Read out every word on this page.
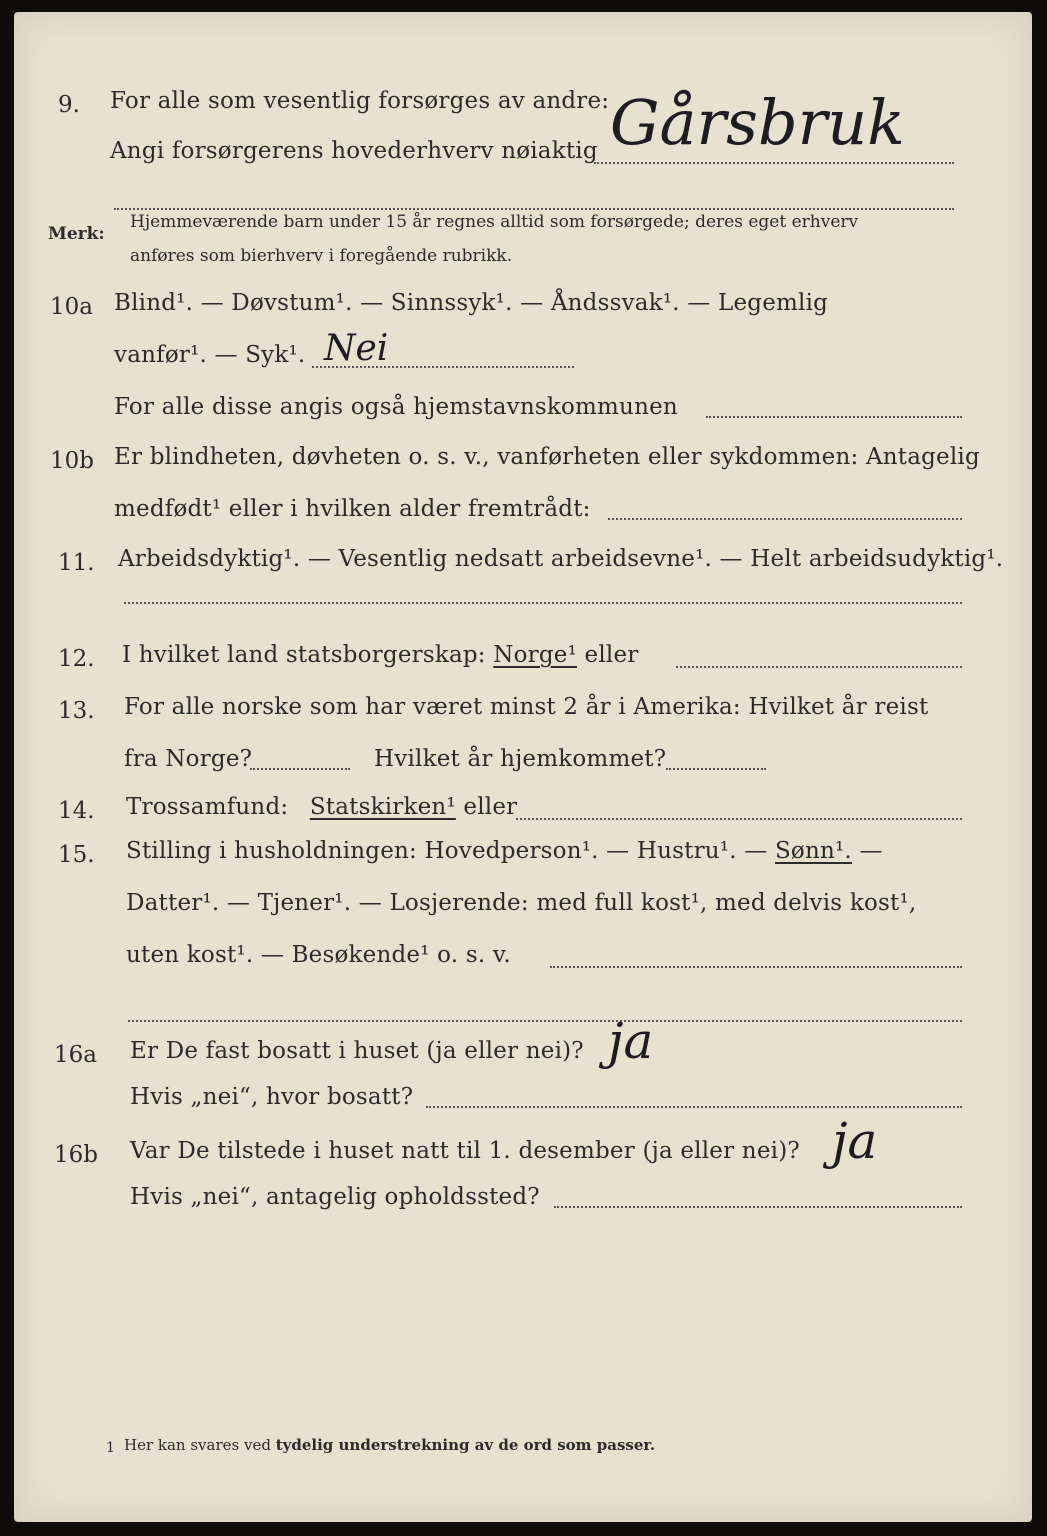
9. For alle som vesentlig forsørges av andre:
Angi forsørgerens hovederhverv nøiaktig Gårsbruk
Merk:
Hjemmeværende barn under 15 år regnes alltid som forsørgede; deres eget erhverv
anføres som bierhverv i foregående rubrikk.
10a Blind¹. — Døvstum¹. — Sinnssyk¹. — Åndssvak¹. — Legemlig
vanfør¹. — Syk¹. Nei
For alle disse angis også hjemstavnskommunen
10b Er blindheten, døvheten o. s. v., vanførheten eller sykdommen: Antagelig
medfødt¹ eller i hvilken alder fremtrådt:
11. Arbeidsdyktig¹. — Vesentlig nedsatt arbeidsevne¹. — Helt arbeidsudyktig¹.
12. I hvilket land statsborgerskap: Norge¹ eller
13. For alle norske som har været minst 2 år i Amerika: Hvilket år reist
fra Norge?	Hvilket år hjemkommet?
14. Trossamfund: Statskirken¹ eller
15. Stilling i husholdningen: Hovedperson¹. — Hustru¹. — Sønn¹. —
Datter¹. — Tjener¹. — Losjerende: med full kost¹, med delvis kost¹,
uten kost¹. — Besøkende¹ o. s. v.
16a Er De fast bosatt i huset (ja eller nei)? ja
Hvis „nei“, hvor bosatt?
16b Var De tilstede i huset natt til 1. desember (ja eller nei)? ja
Hvis „nei“, antagelig opholdssted?
1 Her kan svares ved tydelig understrekning av de ord som passer.
